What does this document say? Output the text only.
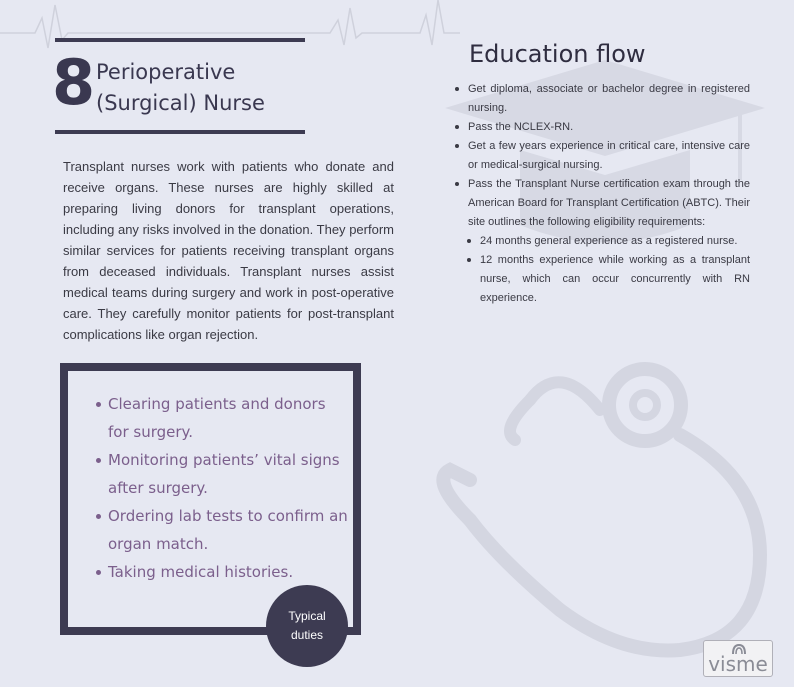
8 Perioperative
(Surgical) Nurse

Transplant nurses work with patients who donate and receive organs. These nurses are highly skilled at preparing living donors for transplant operations, including any risks involved in the donation. They perform similar services for patients receiving transplant organs from deceased individuals. Transplant nurses assist medical teams during surgery and work in post-operative care. They carefully monitor patients for post-transplant complications like organ rejection.

Clearing patients and donors for surgery.
Monitoring patients’ vital signs after surgery.
Ordering lab tests to confirm an organ match.
Taking medical histories.
Typical
duties
Education flow
Get diploma, associate or bachelor degree in registered nursing.
Pass the NCLEX-RN.
Get a few years experience in critical care, intensive care or medical-surgical nursing.
Pass the Transplant Nurse certification exam through the American Board for Transplant Certification (ABTC). Their site outlines the following eligibility requirements:
24 months general experience as a registered nurse.
12 months experience while working as a transplant nurse, which can occur concurrently with RN experience.
visme
